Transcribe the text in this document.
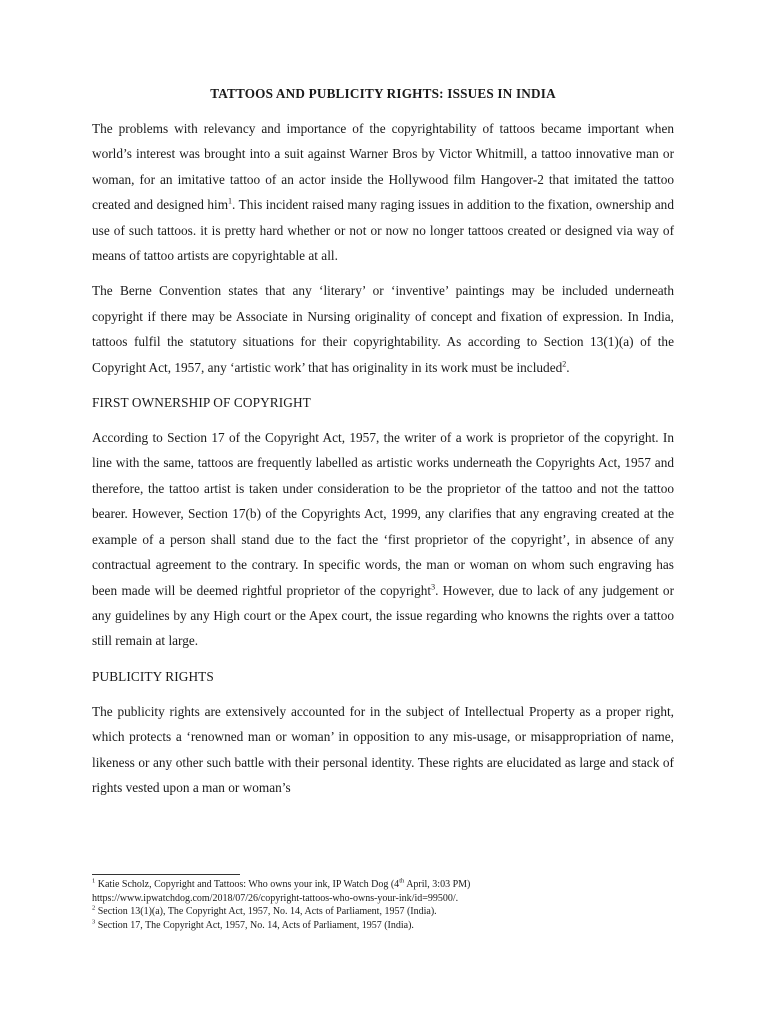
TATTOOS AND PUBLICITY RIGHTS: ISSUES IN INDIA

The problems with relevancy and importance of the copyrightability of tattoos became important when world’s interest was brought into a suit against Warner Bros by Victor Whitmill, a tattoo innovative man or woman, for an imitative tattoo of an actor inside the Hollywood film Hangover-2 that imitated the tattoo created and designed him$^1$. This incident raised many raging issues in addition to the fixation, ownership and use of such tattoos. it is pretty hard whether or not or now no longer tattoos created or designed via way of means of tattoo artists are copyrightable at all.

The Berne Convention states that any ‘literary’ or ‘inventive’ paintings may be included underneath copyright if there may be Associate in Nursing originality of concept and fixation of expression. In India, tattoos fulfil the statutory situations for their copyrightability. As according to Section 13(1)(a) of the Copyright Act, 1957, any ‘artistic work’ that has originality in its work must be included$^2$.

FIRST OWNERSHIP OF COPYRIGHT

According to Section 17 of the Copyright Act, 1957, the writer of a work is proprietor of the copyright. In line with the same, tattoos are frequently labelled as artistic works underneath the Copyrights Act, 1957 and therefore, the tattoo artist is taken under consideration to be the proprietor of the tattoo and not the tattoo bearer. However, Section 17(b) of the Copyrights Act, 1999, any clarifies that any engraving created at the example of a person shall stand due to the fact the ‘first proprietor of the copyright’, in absence of any contractual agreement to the contrary. In specific words, the man or woman on whom such engraving has been made will be deemed rightful proprietor of the copyright$^3$. However, due to lack of any judgement or any guidelines by any High court or the Apex court, the issue regarding who knowns the rights over a tattoo still remain at large.

PUBLICITY RIGHTS

The publicity rights are extensively accounted for in the subject of Intellectual Property as a proper right, which protects a ‘renowned man or woman’ in opposition to any mis-usage, or misappropriation of name, likeness or any other such battle with their personal identity. These rights are elucidated as large and stack of rights vested upon a man or woman’s

$^1$ Katie Scholz, Copyright and Tattoos: Who owns your ink, IP Watch Dog (4th April, 3:03 PM)
https://www.ipwatchdog.com/2018/07/26/copyright-tattoos-who-owns-your-ink/id=99500/.

$^2$ Section 13(1)(a), The Copyright Act, 1957, No. 14, Acts of Parliament, 1957 (India).

$^3$ Section 17, The Copyright Act, 1957, No. 14, Acts of Parliament, 1957 (India).
